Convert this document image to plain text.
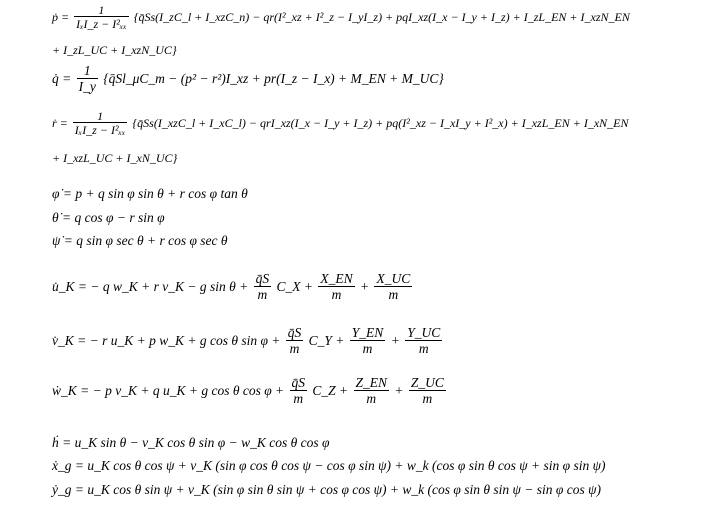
ṗ = $\frac{1}{\text{IₓI\_z − I²ₓₓ}}$ {q̄Ss(I_zC_l + I_xzC_n) − qr(I²_xz + I²_z − I_yI_z) + pqI_xz(I_x − I_y + I_z) + I_zL_EN + I_xzN_EN
+ I_zL_UC + I_xzN_UC}
q̇ = $\frac{1}{I\_y}$ {q̄Sl_μC_m − (p² − r²)I_xz + pr(I_z − I_x) + M_EN + M_UC}
ṙ = $\frac{1}{\text{IₓI\_z − I²ₓₓ}}$ {q̄Ss(I_xzC_l + I_xC_l) − qrI_xz(I_x − I_y + I_z) + pq(I²_xz − I_xI_y + I²_x) + I_xzL_EN + I_xN_EN
+ I_xzL_UC + I_xN_UC}
φ̇ = p + q sin φ sin θ + r cos φ tan θ
θ̇ = q cos φ − r sin φ
ψ̇ = q sin φ sec θ + r cos φ sec θ
u̇_K = − q w_K + r v_K − g $\sin \theta + \frac{q̄S}{m}$ C_X + $\frac{X\_EN}{m} + \frac{X\_UC}{m}$
v̇_K = − r u_K + p w_K + g cos θ $\sin \varphi + \frac{q̄S}{m}$ C_Y + $\frac{Y\_EN}{m} + \frac{Y\_UC}{m}$
ẇ_K = − p v_K + q u_K + g cos θ $\cos \varphi + \frac{q̄S}{m}$ C_Z + $\frac{Z\_EN}{m} + \frac{Z\_UC}{m}$
ḣ = u_K sin θ − v_K cos θ sin φ − w_K cos θ cos φ
ẋ_g = u_K cos θ cos ψ + v_K (sin φ cos θ cos ψ − cos φ sin ψ) + w_k (cos φ sin θ cos ψ + sin φ sin ψ)
ẏ_g = u_K cos θ sin ψ + v_K (sin φ sin θ sin ψ + cos φ cos ψ) + w_k (cos φ sin θ sin ψ − sin φ cos ψ)
